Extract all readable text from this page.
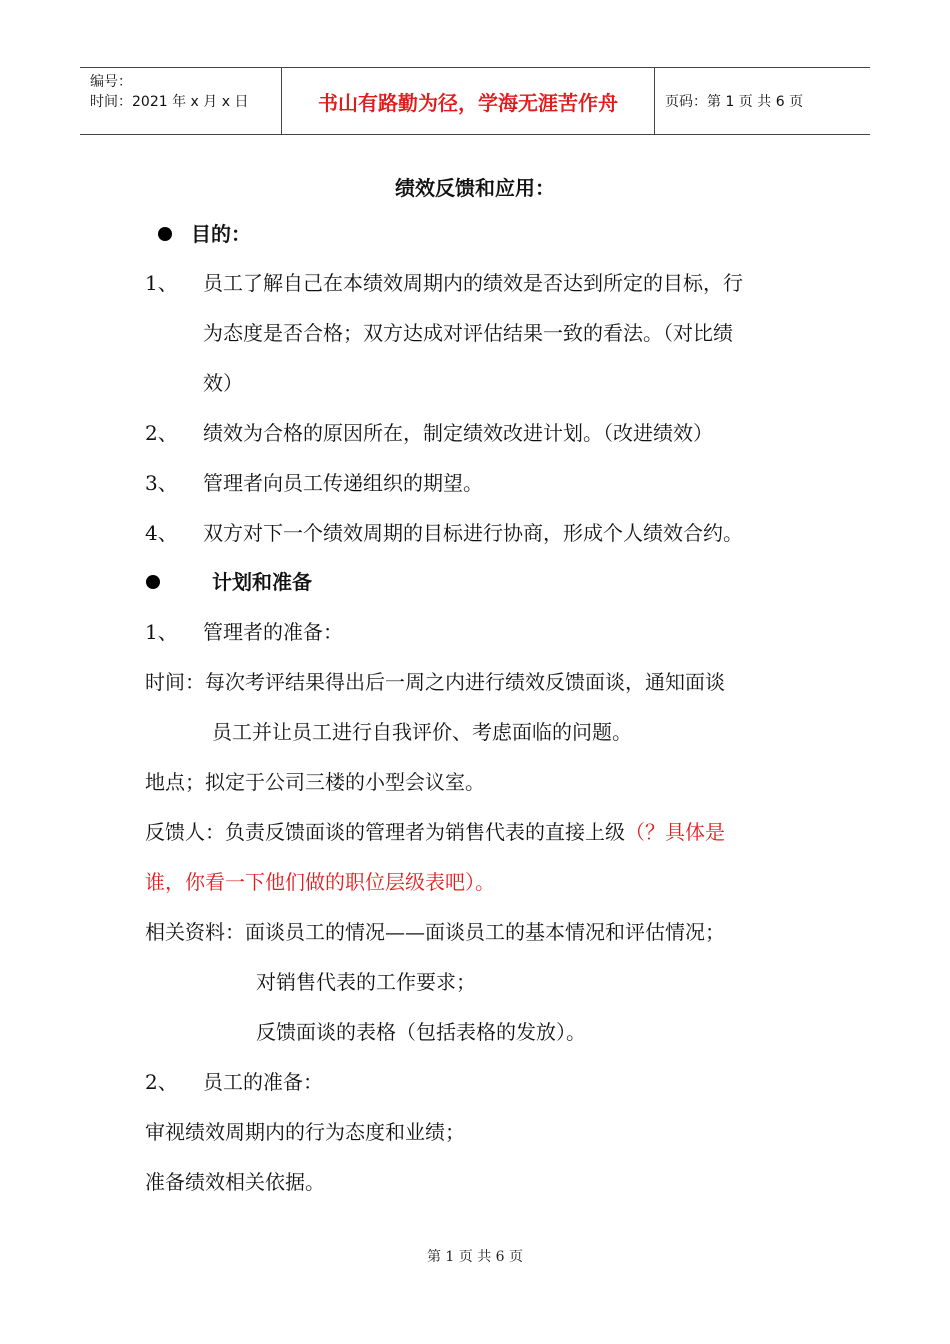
编号：
时间：2021 年 x 月 x 日	书山有路勤为径，学海无涯苦作舟	页码：第 1 页 共 6 页
绩效反馈和应用：
目的：
1、 员工了解自己在本绩效周期内的绩效是否达到所定的目标，行
为态度是否合格；双方达成对评估结果一致的看法。（对比绩
效）
2、 绩效为合格的原因所在，制定绩效改进计划。（改进绩效）
3、 管理者向员工传递组织的期望。
4、 双方对下一个绩效周期的目标进行协商，形成个人绩效合约。
计划和准备
1、 管理者的准备：
时间：每次考评结果得出后一周之内进行绩效反馈面谈，通知面谈
员工并让员工进行自我评价、考虑面临的问题。
地点；拟定于公司三楼的小型会议室。
反馈人：负责反馈面谈的管理者为销售代表的直接上级（？具体是
谁，你看一下他们做的职位层级表吧）。
相关资料：面谈员工的情况——面谈员工的基本情况和评估情况；
对销售代表的工作要求；
反馈面谈的表格（包括表格的发放）。
2、 员工的准备：
审视绩效周期内的行为态度和业绩；
准备绩效相关依据。
第 1 页 共 6 页
